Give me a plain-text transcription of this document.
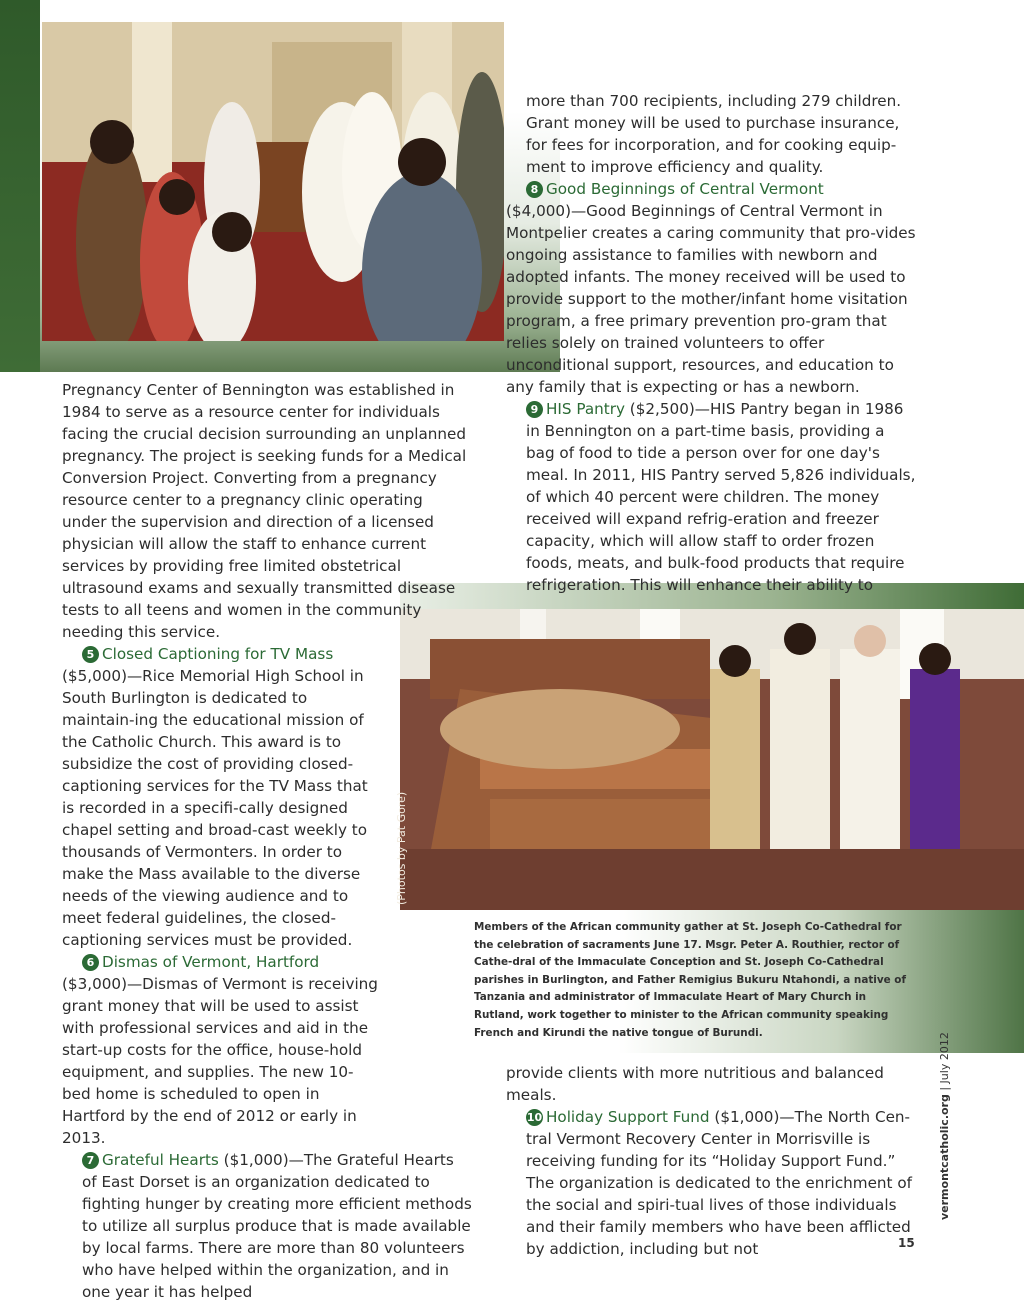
(Photos by Pat Gore)

more than 700 recipients, including 279 children. Grant money will be used to purchase insurance, for fees for incorporation, and for cooking equip-ment to improve efficiency and quality.

8 Good Beginnings of Central Vermont

($4,000)—Good Beginnings of Central Vermont in Montpelier creates a caring community that pro-vides ongoing assistance to families with newborn and adopted infants. The money received will be used to provide support to the mother/infant home visitation program, a free primary prevention pro-gram that relies solely on trained volunteers to offer unconditional support, resources, and education to any family that is expecting or has a newborn.

9 HIS Pantry ($2,500)—HIS Pantry began in 1986 in Bennington on a part-time basis, providing a bag of food to tide a person over for one day's meal. In 2011, HIS Pantry served 5,826 individuals, of which 40 percent were children. The money received will expand refrig-eration and freezer capacity, which will allow staff to order frozen foods, meats, and bulk-food products that require refrigeration. This will enhance their ability to

Pregnancy Center of Bennington was established in 1984 to serve as a resource center for individuals facing the crucial decision surrounding an unplanned pregnancy. The project is seeking funds for a Medical Conversion Project. Converting from a pregnancy resource center to a pregnancy clinic operating under the supervision and direction of a licensed physician will allow the staff to enhance current services by providing free limited obstetrical ultrasound exams and sexually transmitted disease tests to all teens and women in the community needing this service.

5 Closed Captioning for TV Mass

($5,000)—Rice Memorial High School in South Burlington is dedicated to maintain-ing the educational mission of the Catholic Church. This award is to subsidize the cost of providing closed-captioning services for the TV Mass that is recorded in a specifi-cally designed chapel setting and broad-cast weekly to thousands of Vermonters. In order to make the Mass available to the diverse needs of the viewing audience and to meet federal guidelines, the closed-captioning services must be provided.

6 Dismas of Vermont, Hartford

($3,000)—Dismas of Vermont is receiving grant money that will be used to assist with professional services and aid in the start-up costs for the office, house-hold equipment, and supplies. The new 10-bed home is scheduled to open in Hartford by the end of 2012 or early in 2013.

7 Grateful Hearts ($1,000)—The Grateful Hearts of East Dorset is an organization dedicated to fighting hunger by creating more efficient methods to utilize all surplus produce that is made available by local farms. There are more than 80 volunteers who have helped within the organization, and in one year it has helped

Members of the African community gather at St. Joseph Co-Cathedral for the celebration of sacraments June 17. Msgr. Peter A. Routhier, rector of Cathe-dral of the Immaculate Conception and St. Joseph Co-Cathedral parishes in Burlington, and Father Remigius Bukuru Ntahondi, a native of Tanzania and administrator of Immaculate Heart of Mary Church in Rutland, work together to minister to the African community speaking French and Kirundi the native tongue of Burundi.

provide clients with more nutritious and balanced meals.

10 Holiday Support Fund ($1,000)—The North Cen-tral Vermont Recovery Center in Morrisville is receiving funding for its “Holiday Support Fund.” The organization is dedicated to the enrichment of the social and spiri-tual lives of those individuals and their family members who have been afflicted by addiction, including but not

vermontcatholic.org | July 2012
15
